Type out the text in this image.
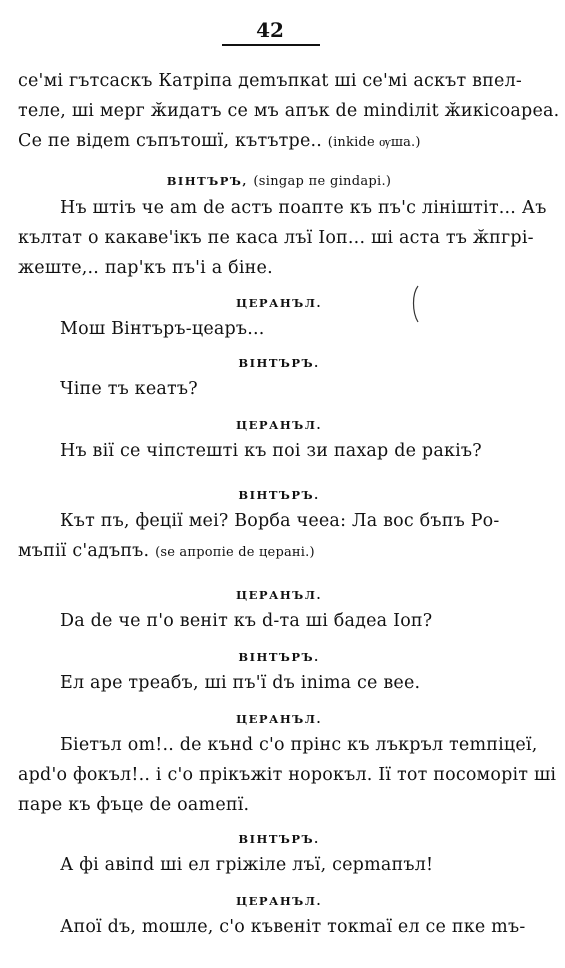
42
се'мі гътсаскъ Катріпа деmъпкаt ші се'мі аскът впел-
теле, ші мерг ӂидатъ се мъ апък de mindiліt ӂикісоарea.
Се пе відеm съпътошї, кътътре.. (inkide ѹша.)
ВІНТЪРЪ, (singap пе gindapі.)
Нъ штіъ че аm de астъ поапте къ пъ'с лініштіт... Аъ
кълтат о кaкаве'ікъ пе каса лъї Іоп... ші аста тъ ӂпгрі-
жеште,.. пар'къ пъ'і а біне.
ЦЕРАНЪЛ.
Мош Вінтъръ-цеаръ...
ВІНТЪРЪ.
Чіпе тъ кеатъ?
ЦЕРАНЪЛ.
Нъ вії се чіпстешті къ поі зи пахар de ракіъ?
ВІНТЪРЪ.
Кът пъ, феції меі? Ворба чееа: Ла вос бъпъ Ро-
мъпії с'адъпъ. (se aпропіе de церанi.)
ЦЕРАНЪЛ.
Da de че п'о веніт къ d-та ші бадеа Іоп?
ВІНТЪРЪ.
Ел аре треабъ, ші пъ'ї dъ іnіma се веe.
ЦЕРАНЪЛ.
Біетъл оm!.. de кънd с'о прінс къ лъкръл теmпіцеї,
apd'о фокъл!.. і с'о прікъжіт норокъл. Іï тот посоморіт ші
паре къ фъце de оаmепї.
ВІНТЪРЪ.
А фі авіпd ші ел гріжіле лъї, серmапъл!
ЦЕРАНЪЛ.
Апоï dъ, mошле, с'о къвеніт токmаї ел се пке mъ-
